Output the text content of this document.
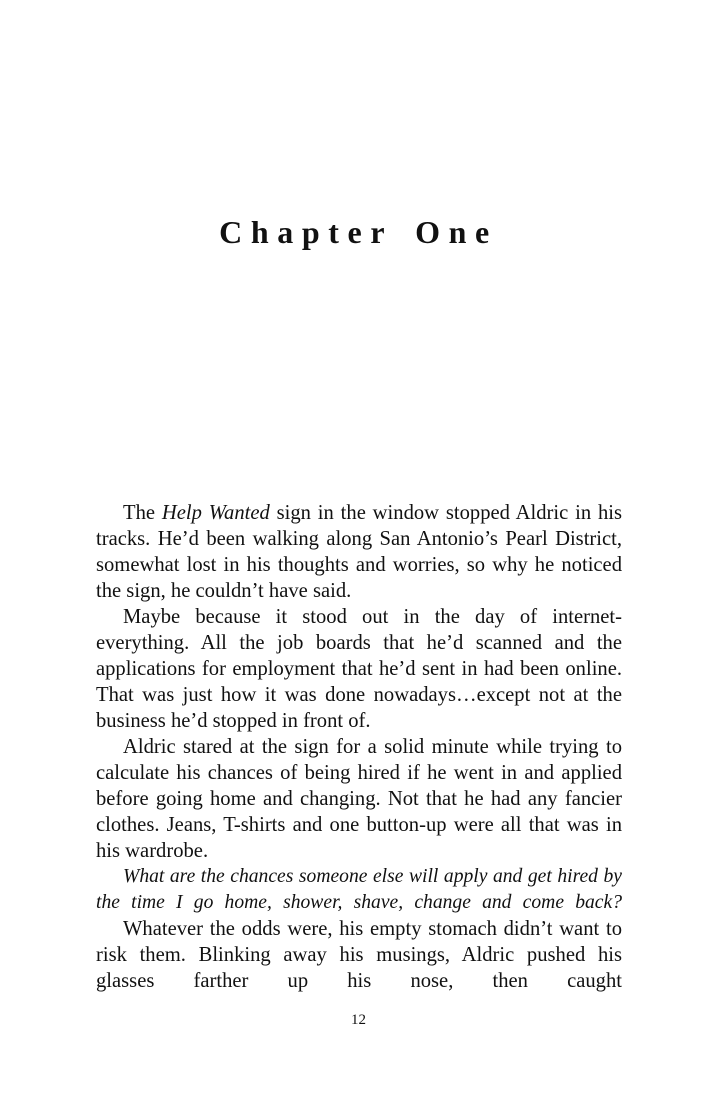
Chapter One

The Help Wanted sign in the window stopped Aldric in his tracks. He’d been walking along San Antonio’s Pearl District, somewhat lost in his thoughts and worries, so why he noticed the sign, he couldn’t have said.

Maybe because it stood out in the day of internet-everything. All the job boards that he’d scanned and the applications for employment that he’d sent in had been online. That was just how it was done nowadays…except not at the business he’d stopped in front of.

Aldric stared at the sign for a solid minute while trying to calculate his chances of being hired if he went in and applied before going home and changing. Not that he had any fancier clothes. Jeans, T-shirts and one button-up were all that was in his wardrobe.

What are the chances someone else will apply and get hired by the time I go home, shower, shave, change and come back?

Whatever the odds were, his empty stomach didn’t want to risk them. Blinking away his musings, Aldric pushed his glasses farther up his nose, then caught

12
